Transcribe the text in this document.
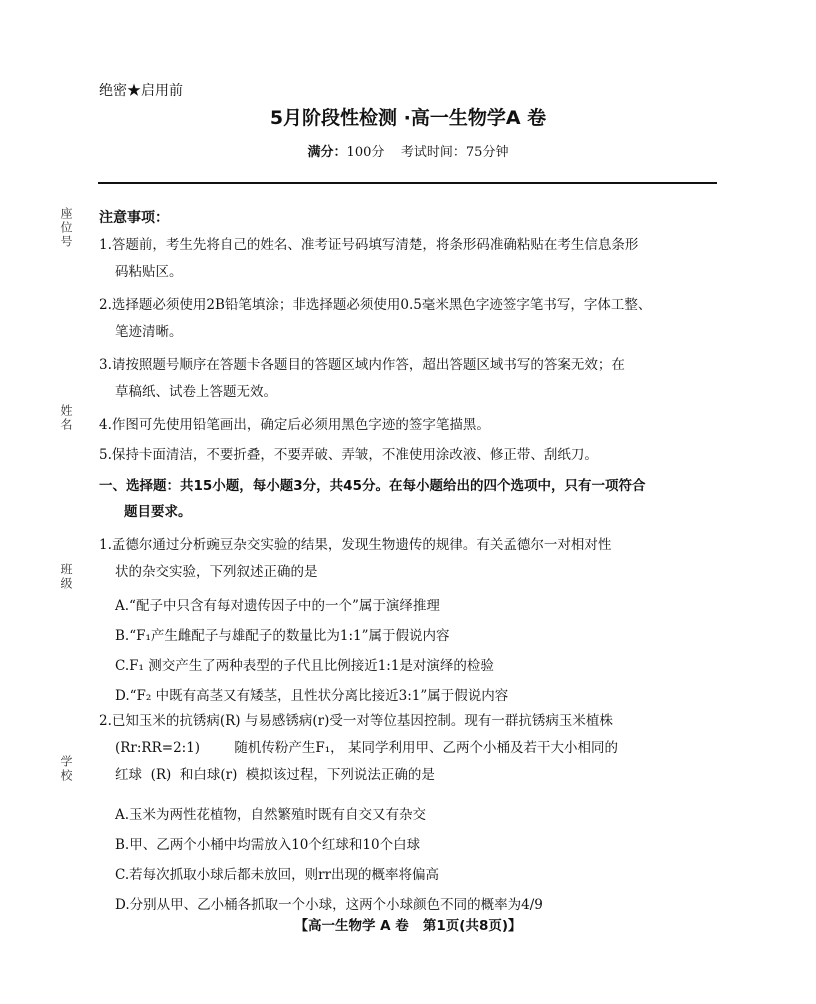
绝密★启用前
5月阶段性检测 ·高一生物学A 卷
满分：100分 考试时间：75分钟
座位号
姓名
班级
学校
注意事项：
1.答题前，考生先将自己的姓名、准考证号码填写清楚，将条形码准确粘贴在考生信息条形
码粘贴区。
2.选择题必须使用2B铅笔填涂；非选择题必须使用0.5毫米黑色字迹签字笔书写，字体工整、
笔迹清晰。
3.请按照题号顺序在答题卡各题目的答题区域内作答，超出答题区域书写的答案无效；在
草稿纸、试卷上答题无效。
4.作图可先使用铅笔画出，确定后必须用黑色字迹的签字笔描黑。
5.保持卡面清洁，不要折叠，不要弄破、弄皱，不准使用涂改液、修正带、刮纸刀。
一、选择题：共15小题，每小题3分，共45分。在每小题给出的四个选项中，只有一项符合
题目要求。
1.孟德尔通过分析豌豆杂交实验的结果，发现生物遗传的规律。有关孟德尔一对相对性
状的杂交实验，下列叙述正确的是
A.“配子中只含有每对遗传因子中的一个”属于演绎推理
B.“F₁产生雌配子与雄配子的数量比为1:1”属于假说内容
C.F₁ 测交产生了两种表型的子代且比例接近1:1是对演绎的检验
D.“F₂ 中既有高茎又有矮茎，且性状分离比接近3:1”属于假说内容
2.已知玉米的抗锈病(R) 与易感锈病(r)受一对等位基因控制。现有一群抗锈病玉米植株
(Rr:RR=2:1)        随机传粉产生F₁， 某同学利用甲、乙两个小桶及若干大小相同的
红球  (R)  和白球(r)  模拟该过程，下列说法正确的是
A.玉米为两性花植物，自然繁殖时既有自交又有杂交
B.甲、乙两个小桶中均需放入10个红球和10个白球
C.若每次抓取小球后都未放回，则rr出现的概率将偏高
D.分别从甲、乙小桶各抓取一个小球，这两个小球颜色不同的概率为4/9
【高一生物学 A 卷   第1页(共8页)】
